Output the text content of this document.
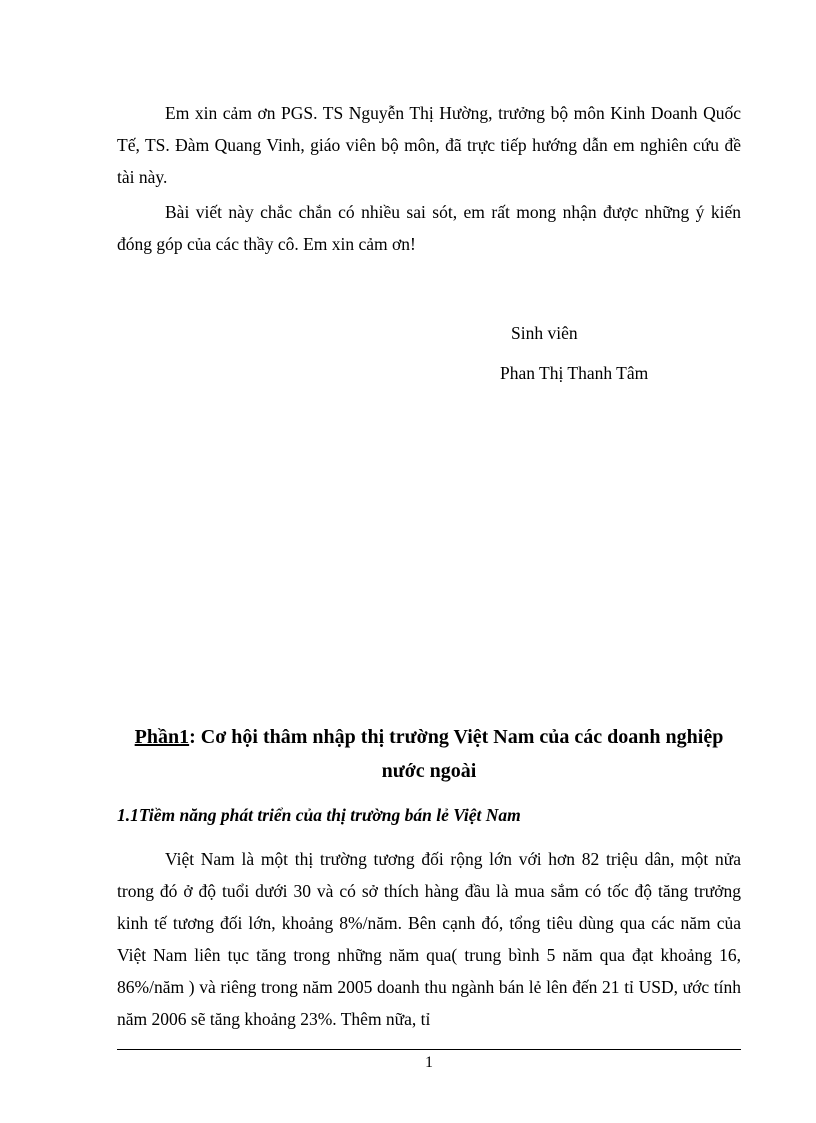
Em xin cảm ơn PGS. TS Nguyễn Thị Hường, trưởng bộ môn Kinh Doanh Quốc Tế, TS. Đàm Quang Vinh, giáo viên bộ môn, đã trực tiếp hướng dẫn em nghiên cứu đề tài này.

Bài viết này chắc chắn có nhiều sai sót, em rất mong nhận được những ý kiến đóng góp của các thầy cô. Em xin cảm ơn!

Sinh viên
Phan Thị Thanh Tâm
Phần1: Cơ hội thâm nhập thị trường Việt Nam của các doanh nghiệp nước ngoài
1.1Tiềm năng phát triển của thị trường bán lẻ Việt Nam

Việt Nam là một thị trường tương đối rộng lớn với hơn 82 triệu dân, một nửa trong đó ở độ tuổi dưới 30 và có sở thích hàng đầu là mua sắm có tốc độ tăng trưởng kinh tế tương đối lớn, khoảng 8%/năm. Bên cạnh đó, tổng tiêu dùng qua các năm của Việt Nam liên tục tăng trong những năm qua( trung bình 5 năm qua đạt khoảng 16, 86%/năm ) và riêng trong năm 2005 doanh thu ngành bán lẻ lên đến 21 tỉ USD, ước tính năm 2006 sẽ tăng khoảng 23%. Thêm nữa, tỉ

1
